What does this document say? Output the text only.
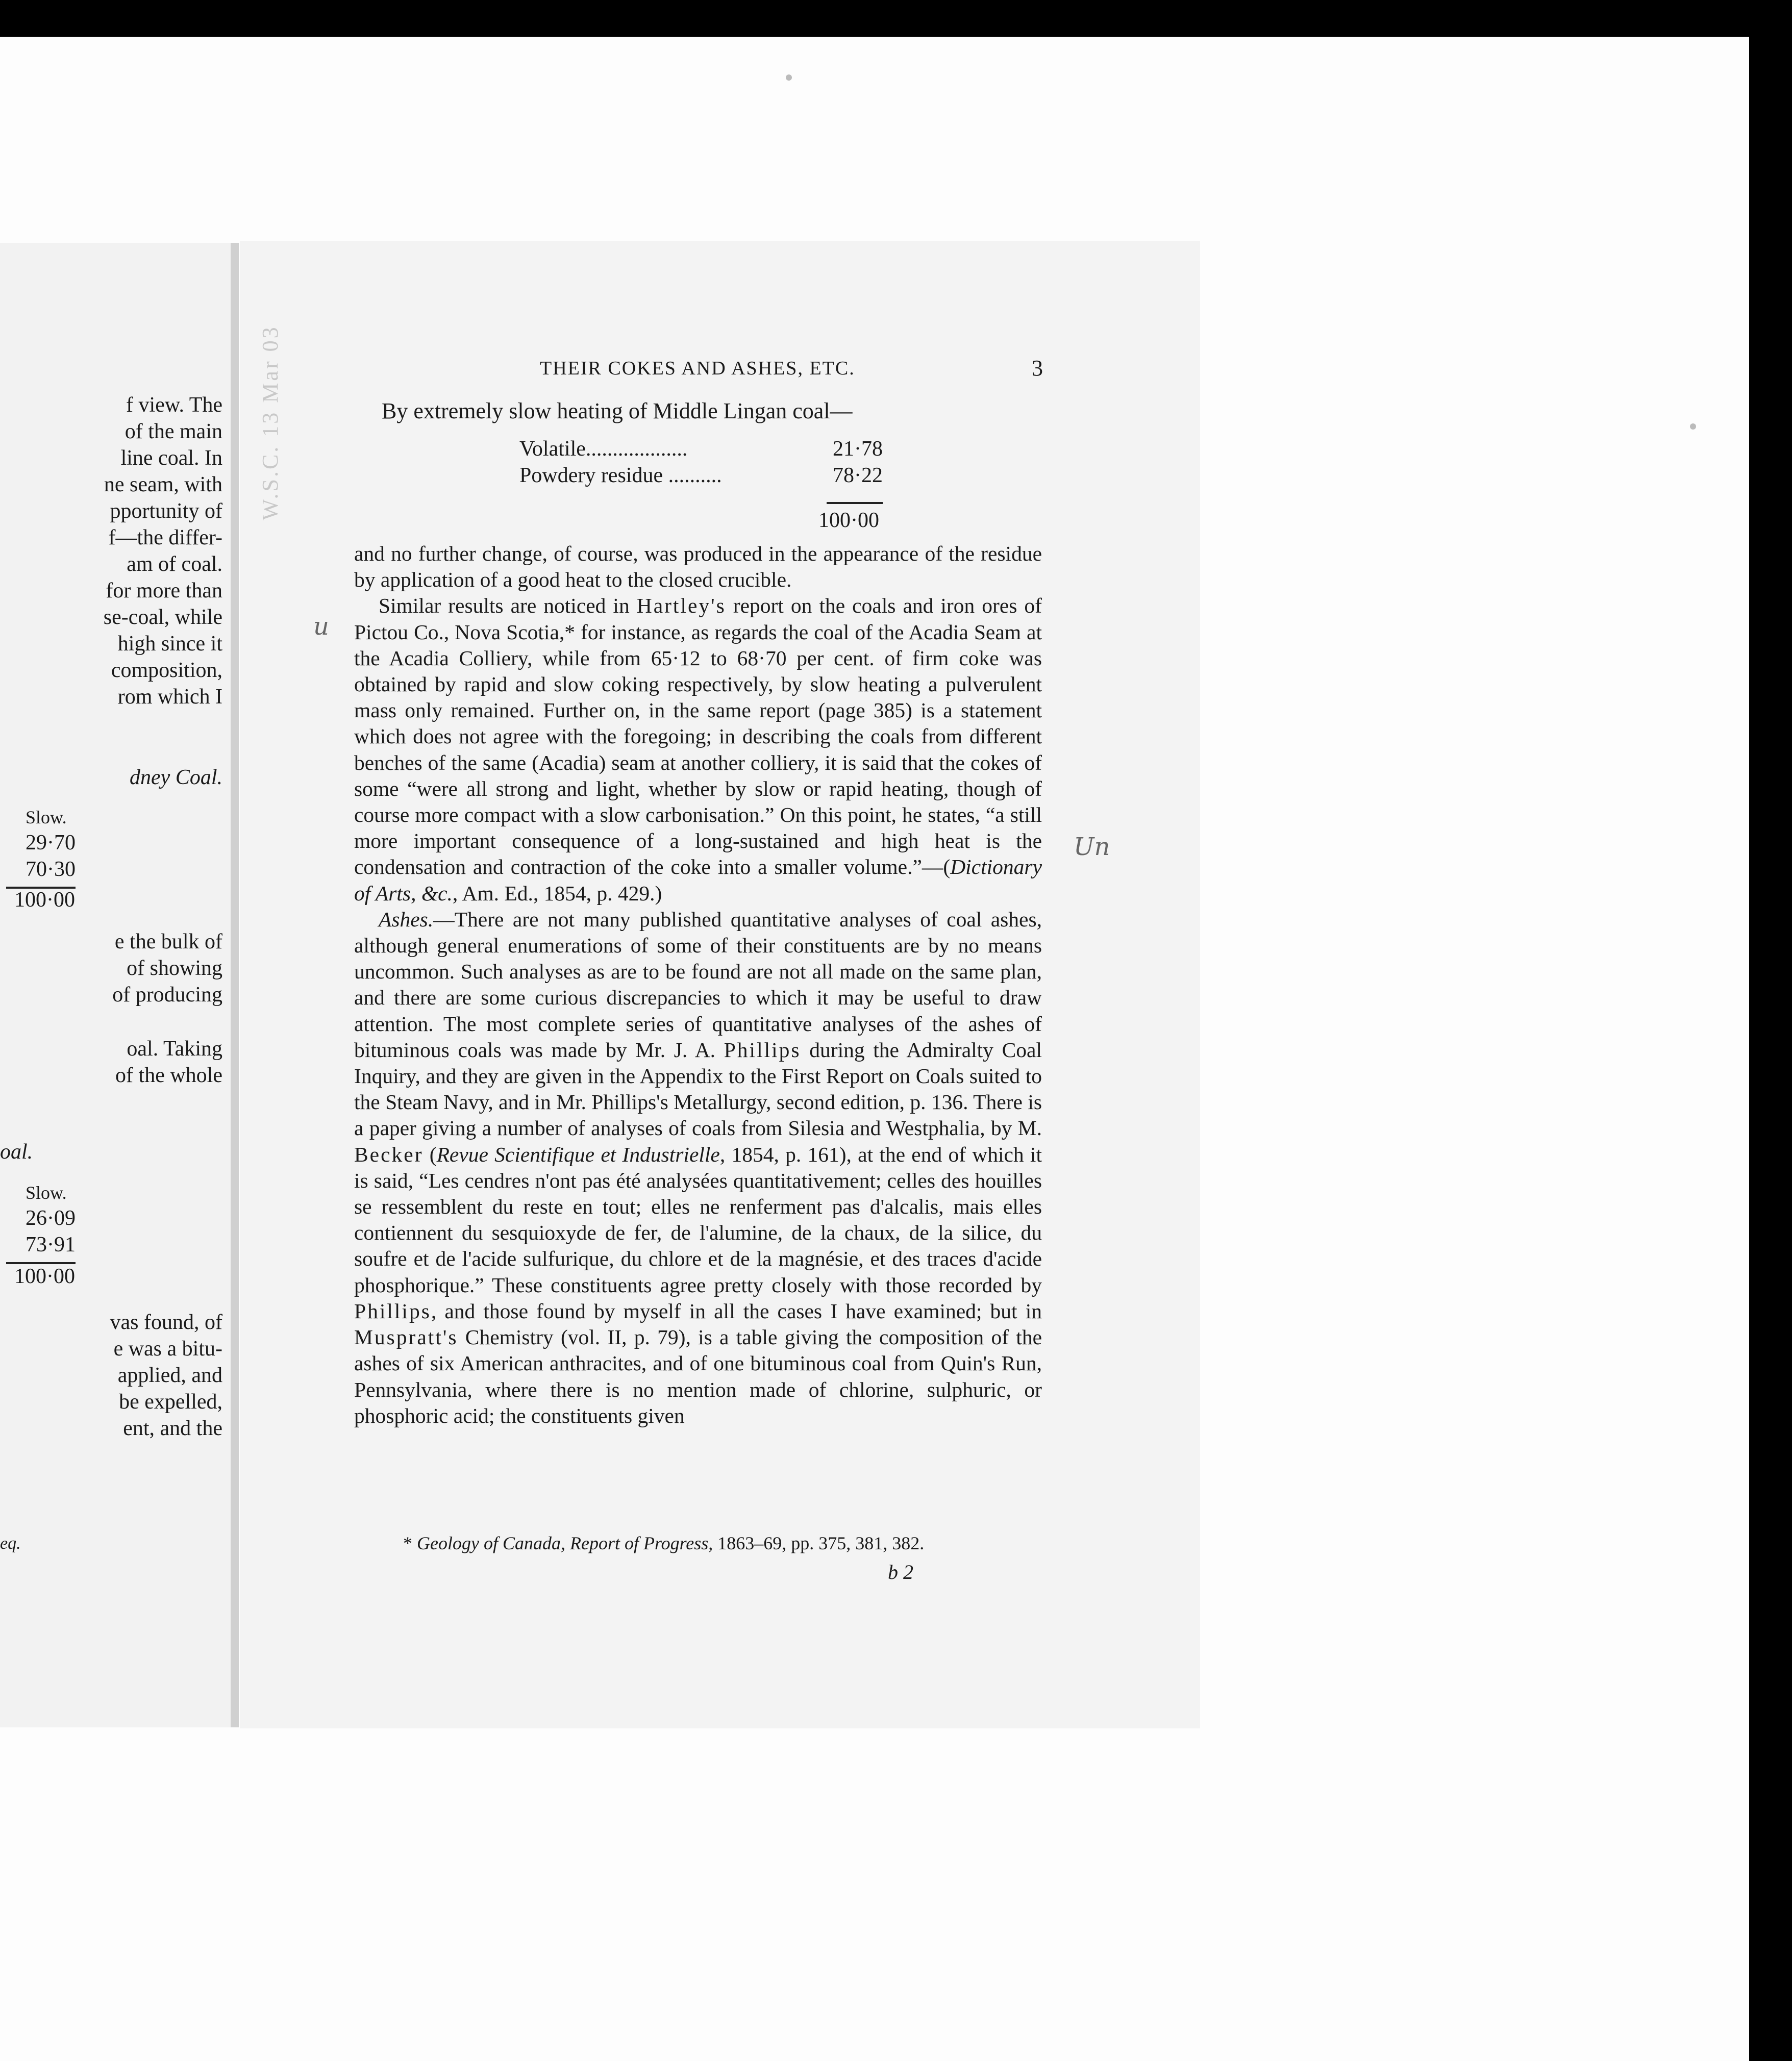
f view. The
of the main
line coal. In
ne seam, with
pportunity of
f—the differ-
am of coal.
for more than
se-coal, while
high since it
composition,
rom which I
dney Coal.
Slow.
29·70
70·30
100·00
e the bulk of
of showing
of producing
oal. Taking
of the whole
oal.
Slow.
26·09
73·91
100·00
vas found, of
e was a bitu-
applied, and
be expelled,
ent, and the
eq.
W.S.C. 13 Mar 03	THEIR COKES AND ASHES, ETC.	3
By extremely slow heating of Middle Lingan coal—
Volatile...................	21·78
Powdery residue ..........	78·22
100·00

and no further change, of course, was produced in the appearance of the residue by application of a good heat to the closed crucible.

Similar results are noticed in Hartley's report on the coals and iron ores of Pictou Co., Nova Scotia,* for instance, as regards the coal of the Acadia Seam at the Acadia Colliery, while from 65·12 to 68·70 per cent. of firm coke was obtained by rapid and slow coking respectively, by slow heating a pulverulent mass only remained. Further on, in the same report (page 385) is a statement which does not agree with the foregoing; in describing the coals from different benches of the same (Acadia) seam at another colliery, it is said that the cokes of some “were all strong and light, whether by slow or rapid heating, though of course more compact with a slow carbonisation.” On this point, he states, “a still more important consequence of a long-sustained and high heat is the condensation and contraction of the coke into a smaller volume.”—(Dictionary of Arts, &c., Am. Ed., 1854, p. 429.)

Ashes.—There are not many published quantitative analyses of coal ashes, although general enumerations of some of their constituents are by no means uncommon. Such analyses as are to be found are not all made on the same plan, and there are some curious discrepancies to which it may be useful to draw attention. The most complete series of quantitative analyses of the ashes of bituminous coals was made by Mr. J. A. Phillips during the Admiralty Coal Inquiry, and they are given in the Appendix to the First Report on Coals suited to the Steam Navy, and in Mr. Phillips's Metallurgy, second edition, p. 136. There is a paper giving a number of analyses of coals from Silesia and Westphalia, by M. Becker (Revue Scientifique et Industrielle, 1854, p. 161), at the end of which it is said, “Les cendres n'ont pas été analysées quantitativement; celles des houilles se ressemblent du reste en tout; elles ne renferment pas d'alcalis, mais elles contiennent du sesquioxyde de fer, de l'alumine, de la chaux, de la silice, du soufre et de l'acide sulfurique, du chlore et de la magnésie, et des traces d'acide phosphorique.” These constituents agree pretty closely with those recorded by Phillips, and those found by myself in all the cases I have examined; but in Muspratt's Chemistry (vol. II, p. 79), is a table giving the composition of the ashes of six American anthracites, and of one bituminous coal from Quin's Run, Pennsylvania, where there is no mention made of chlorine, sulphuric, or phosphoric acid; the constituents given

* Geology of Canada, Report of Progress, 1863–69, pp. 375, 381, 382.
b 2
u
Un
